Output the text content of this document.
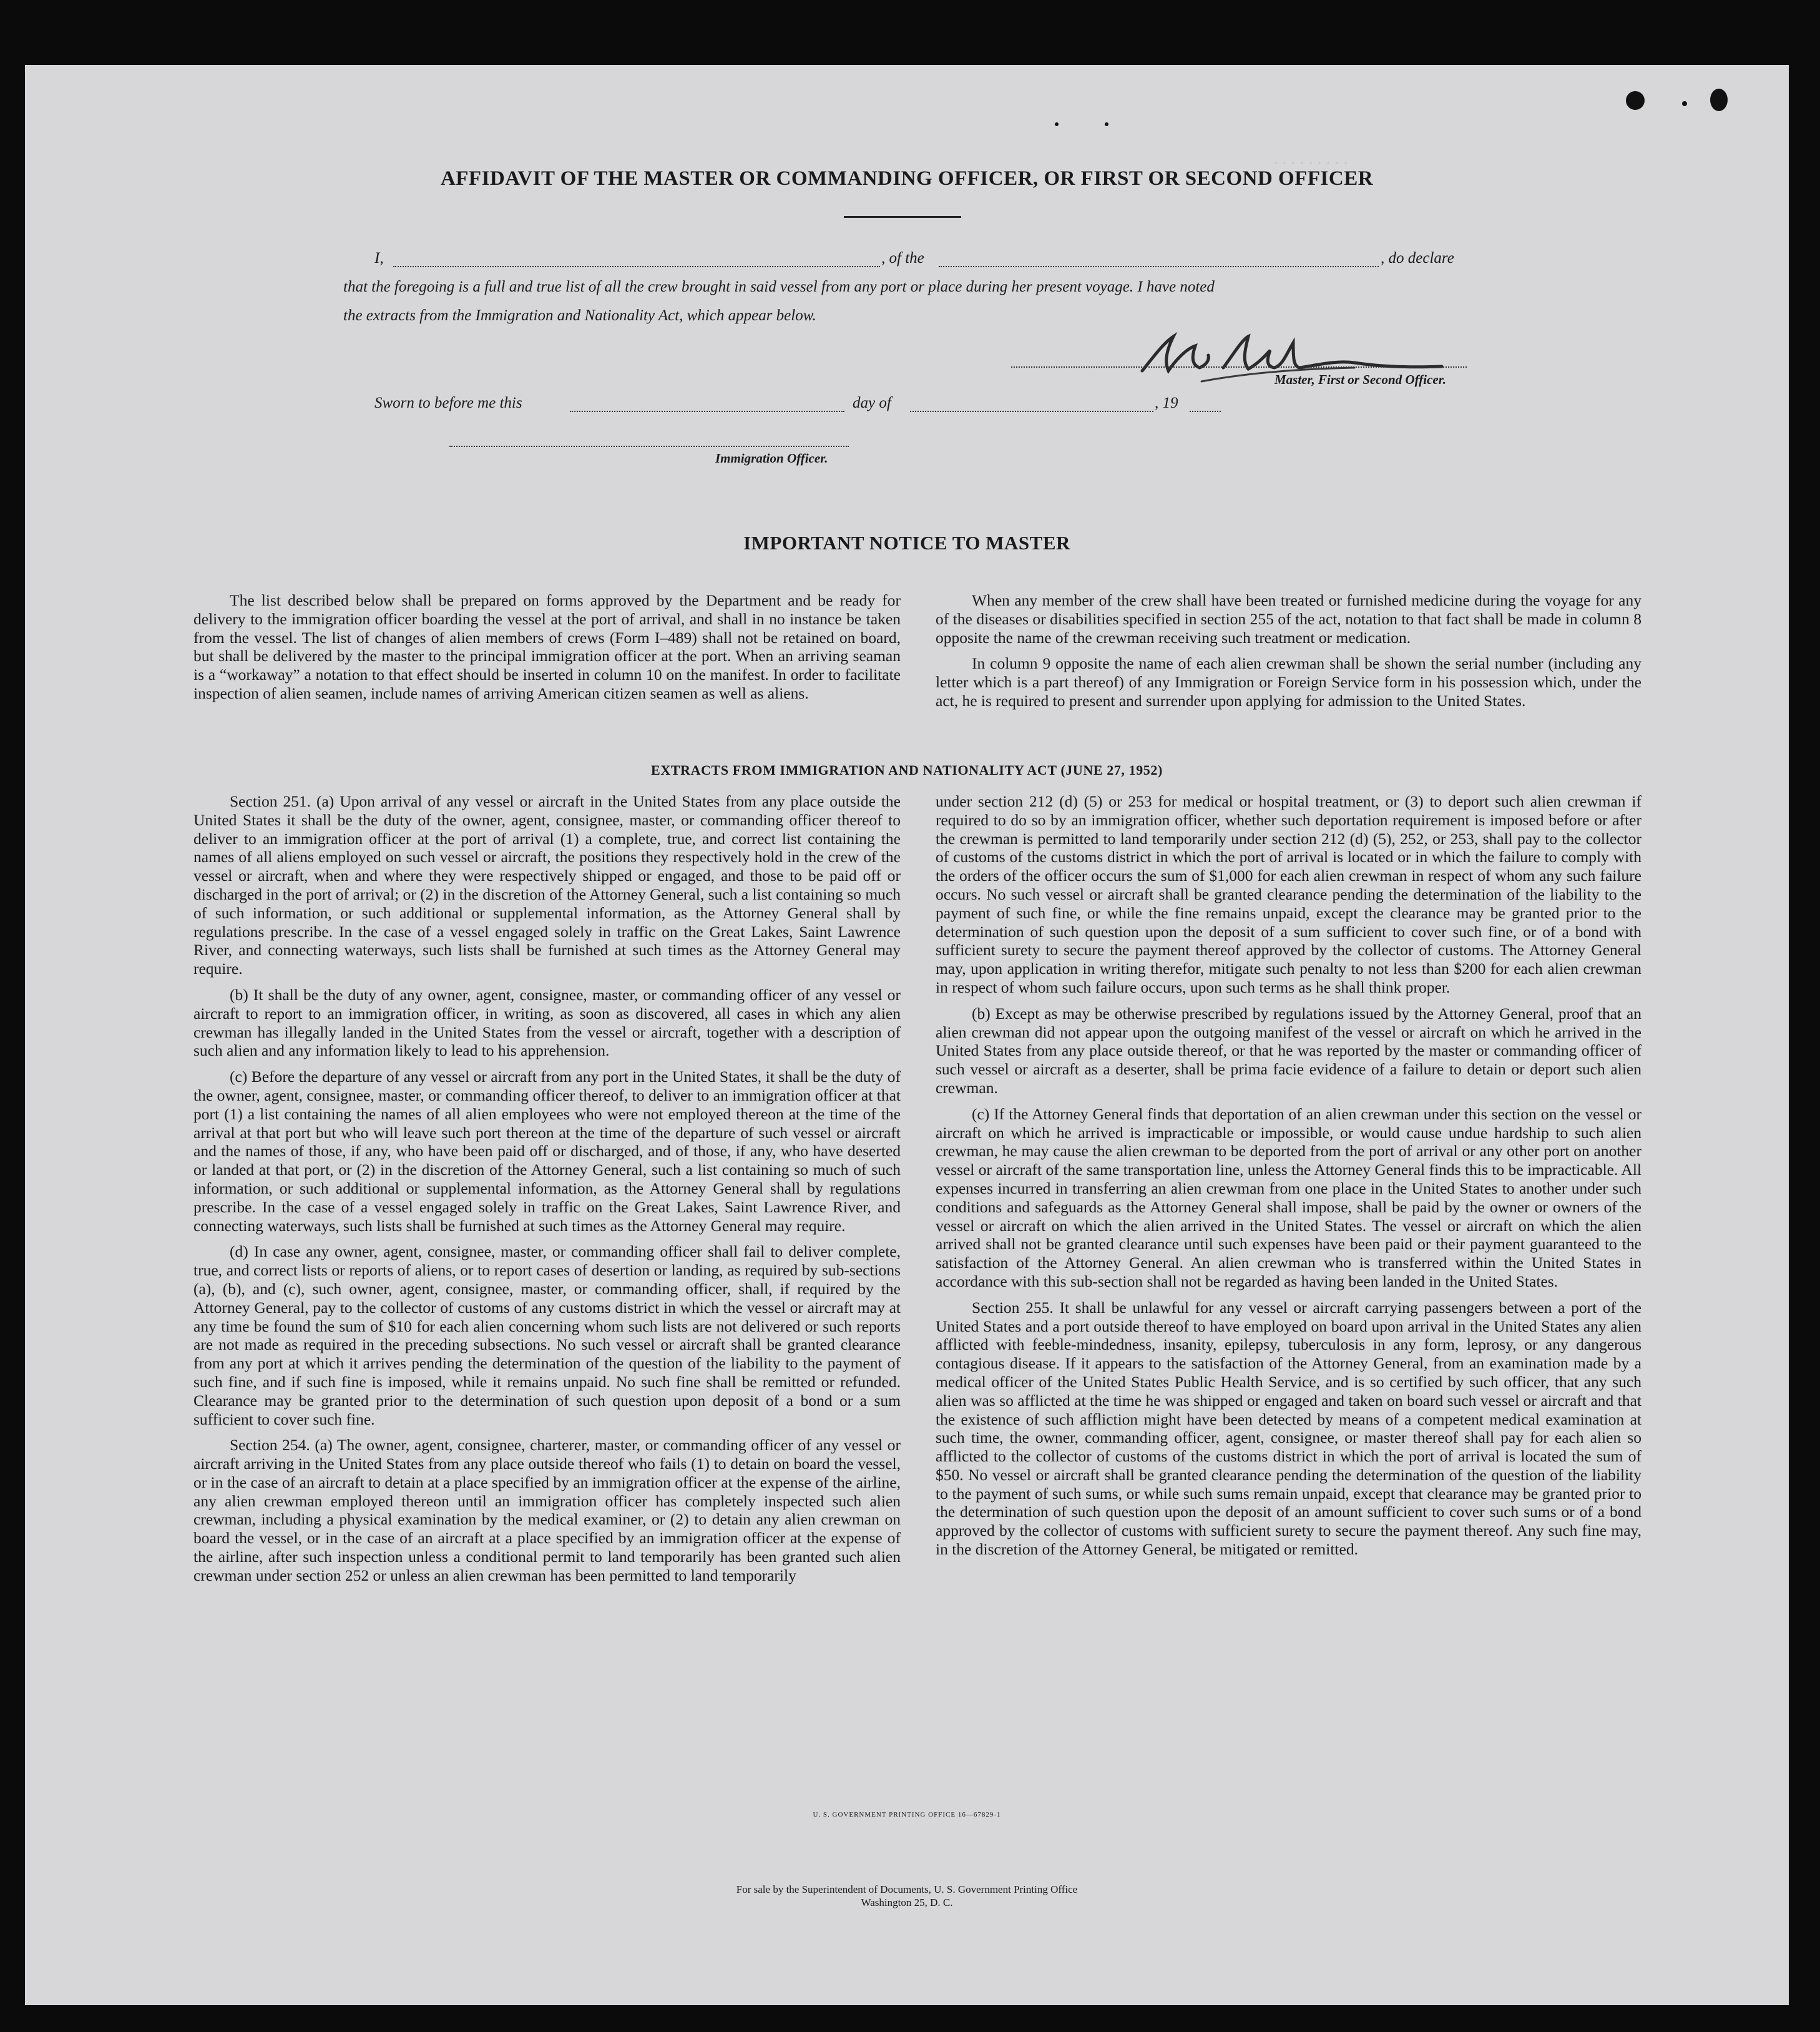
· · · · · · · · ·
AFFIDAVIT OF THE MASTER OR COMMANDING OFFICER, OR FIRST OR SECOND OFFICER
I,	, of the	, do declare
that the foregoing is a full and true list of all the crew brought in said vessel from any port or place during her present voyage. I have noted
the extracts from the Immigration and Nationality Act, which appear below.
Master, First or Second Officer.
Sworn to before me this	day of	, 19
Immigration Officer.
IMPORTANT NOTICE TO MASTER

The list described below shall be prepared on forms approved by the Department and be ready for delivery to the immigration officer boarding the vessel at the port of arrival, and shall in no instance be taken from the vessel. The list of changes of alien members of crews (Form I–489) shall not be retained on board, but shall be delivered by the master to the principal immigration officer at the port. When an arriving seaman is a “workaway” a notation to that effect should be inserted in column 10 on the manifest. In order to facilitate inspection of alien seamen, include names of arriving American citizen seamen as well as aliens.

When any member of the crew shall have been treated or furnished medicine during the voyage for any of the diseases or disabilities specified in section 255 of the act, notation to that fact shall be made in column 8 opposite the name of the crewman receiving such treatment or medication.

In column 9 opposite the name of each alien crewman shall be shown the serial number (including any letter which is a part thereof) of any Immigration or Foreign Service form in his possession which, under the act, he is required to present and surrender upon applying for admission to the United States.

EXTRACTS FROM IMMIGRATION AND NATIONALITY ACT (JUNE 27, 1952)

Section 251. (a) Upon arrival of any vessel or aircraft in the United States from any place outside the United States it shall be the duty of the owner, agent, consignee, master, or commanding officer thereof to deliver to an immigration officer at the port of arrival (1) a complete, true, and correct list containing the names of all aliens employed on such vessel or aircraft, the positions they respectively hold in the crew of the vessel or aircraft, when and where they were respectively shipped or engaged, and those to be paid off or discharged in the port of arrival; or (2) in the discretion of the Attorney General, such a list containing so much of such information, or such additional or supplemental information, as the Attorney General shall by regulations prescribe. In the case of a vessel engaged solely in traffic on the Great Lakes, Saint Lawrence River, and connecting waterways, such lists shall be furnished at such times as the Attorney General may require.

(b) It shall be the duty of any owner, agent, consignee, master, or commanding officer of any vessel or aircraft to report to an immigration officer, in writing, as soon as discovered, all cases in which any alien crewman has illegally landed in the United States from the vessel or aircraft, together with a description of such alien and any information likely to lead to his apprehension.

(c) Before the departure of any vessel or aircraft from any port in the United States, it shall be the duty of the owner, agent, consignee, master, or commanding officer thereof, to deliver to an immigration officer at that port (1) a list containing the names of all alien employees who were not employed thereon at the time of the arrival at that port but who will leave such port thereon at the time of the departure of such vessel or aircraft and the names of those, if any, who have been paid off or discharged, and of those, if any, who have deserted or landed at that port, or (2) in the discretion of the Attorney General, such a list containing so much of such information, or such additional or supplemental information, as the Attorney General shall by regulations prescribe. In the case of a vessel engaged solely in traffic on the Great Lakes, Saint Lawrence River, and connecting waterways, such lists shall be furnished at such times as the Attorney General may require.

(d) In case any owner, agent, consignee, master, or commanding officer shall fail to deliver complete, true, and correct lists or reports of aliens, or to report cases of desertion or landing, as required by sub-sections (a), (b), and (c), such owner, agent, consignee, master, or commanding officer, shall, if required by the Attorney General, pay to the collector of customs of any customs district in which the vessel or aircraft may at any time be found the sum of $10 for each alien concerning whom such lists are not delivered or such reports are not made as required in the preceding subsections. No such vessel or aircraft shall be granted clearance from any port at which it arrives pending the determination of the question of the liability to the payment of such fine, and if such fine is imposed, while it remains unpaid. No such fine shall be remitted or refunded. Clearance may be granted prior to the determination of such question upon deposit of a bond or a sum sufficient to cover such fine.

Section 254. (a) The owner, agent, consignee, charterer, master, or commanding officer of any vessel or aircraft arriving in the United States from any place outside thereof who fails (1) to detain on board the vessel, or in the case of an aircraft to detain at a place specified by an immigration officer at the expense of the airline, any alien crewman employed thereon until an immigration officer has completely inspected such alien crewman, including a physical examination by the medical examiner, or (2) to detain any alien crewman on board the vessel, or in the case of an aircraft at a place specified by an immigration officer at the expense of the airline, after such inspection unless a conditional permit to land temporarily has been granted such alien crewman under section 252 or unless an alien crewman has been permitted to land temporarily

under section 212 (d) (5) or 253 for medical or hospital treatment, or (3) to deport such alien crewman if required to do so by an immigration officer, whether such deportation requirement is imposed before or after the crewman is permitted to land temporarily under section 212 (d) (5), 252, or 253, shall pay to the collector of customs of the customs district in which the port of arrival is located or in which the failure to comply with the orders of the officer occurs the sum of $1,000 for each alien crewman in respect of whom any such failure occurs. No such vessel or aircraft shall be granted clearance pending the determination of the liability to the payment of such fine, or while the fine remains unpaid, except the clearance may be granted prior to the determination of such question upon the deposit of a sum sufficient to cover such fine, or of a bond with sufficient surety to secure the payment thereof approved by the collector of customs. The Attorney General may, upon application in writing therefor, mitigate such penalty to not less than $200 for each alien crewman in respect of whom such failure occurs, upon such terms as he shall think proper.

(b) Except as may be otherwise prescribed by regulations issued by the Attorney General, proof that an alien crewman did not appear upon the outgoing manifest of the vessel or aircraft on which he arrived in the United States from any place outside thereof, or that he was reported by the master or commanding officer of such vessel or aircraft as a deserter, shall be prima facie evidence of a failure to detain or deport such alien crewman.

(c) If the Attorney General finds that deportation of an alien crewman under this section on the vessel or aircraft on which he arrived is impracticable or impossible, or would cause undue hardship to such alien crewman, he may cause the alien crewman to be deported from the port of arrival or any other port on another vessel or aircraft of the same transportation line, unless the Attorney General finds this to be impracticable. All expenses incurred in transferring an alien crewman from one place in the United States to another under such conditions and safeguards as the Attorney General shall impose, shall be paid by the owner or owners of the vessel or aircraft on which the alien arrived in the United States. The vessel or aircraft on which the alien arrived shall not be granted clearance until such expenses have been paid or their payment guaranteed to the satisfaction of the Attorney General. An alien crewman who is transferred within the United States in accordance with this sub-section shall not be regarded as having been landed in the United States.

Section 255. It shall be unlawful for any vessel or aircraft carrying passengers between a port of the United States and a port outside thereof to have employed on board upon arrival in the United States any alien afflicted with feeble-mindedness, insanity, epilepsy, tuberculosis in any form, leprosy, or any dangerous contagious disease. If it appears to the satisfaction of the Attorney General, from an examination made by a medical officer of the United States Public Health Service, and is so certified by such officer, that any such alien was so afflicted at the time he was shipped or engaged and taken on board such vessel or aircraft and that the existence of such affliction might have been detected by means of a competent medical examination at such time, the owner, commanding officer, agent, consignee, or master thereof shall pay for each alien so afflicted to the collector of customs of the customs district in which the port of arrival is located the sum of $50. No vessel or aircraft shall be granted clearance pending the determination of the question of the liability to the payment of such sums, or while such sums remain unpaid, except that clearance may be granted prior to the determination of such question upon the deposit of an amount sufficient to cover such sums or of a bond approved by the collector of customs with sufficient surety to secure the payment thereof. Any such fine may, in the discretion of the Attorney General, be mitigated or remitted.

U. S. GOVERNMENT PRINTING OFFICE 16—67829-1
For sale by the Superintendent of Documents, U. S. Government Printing Office
Washington 25, D. C.
